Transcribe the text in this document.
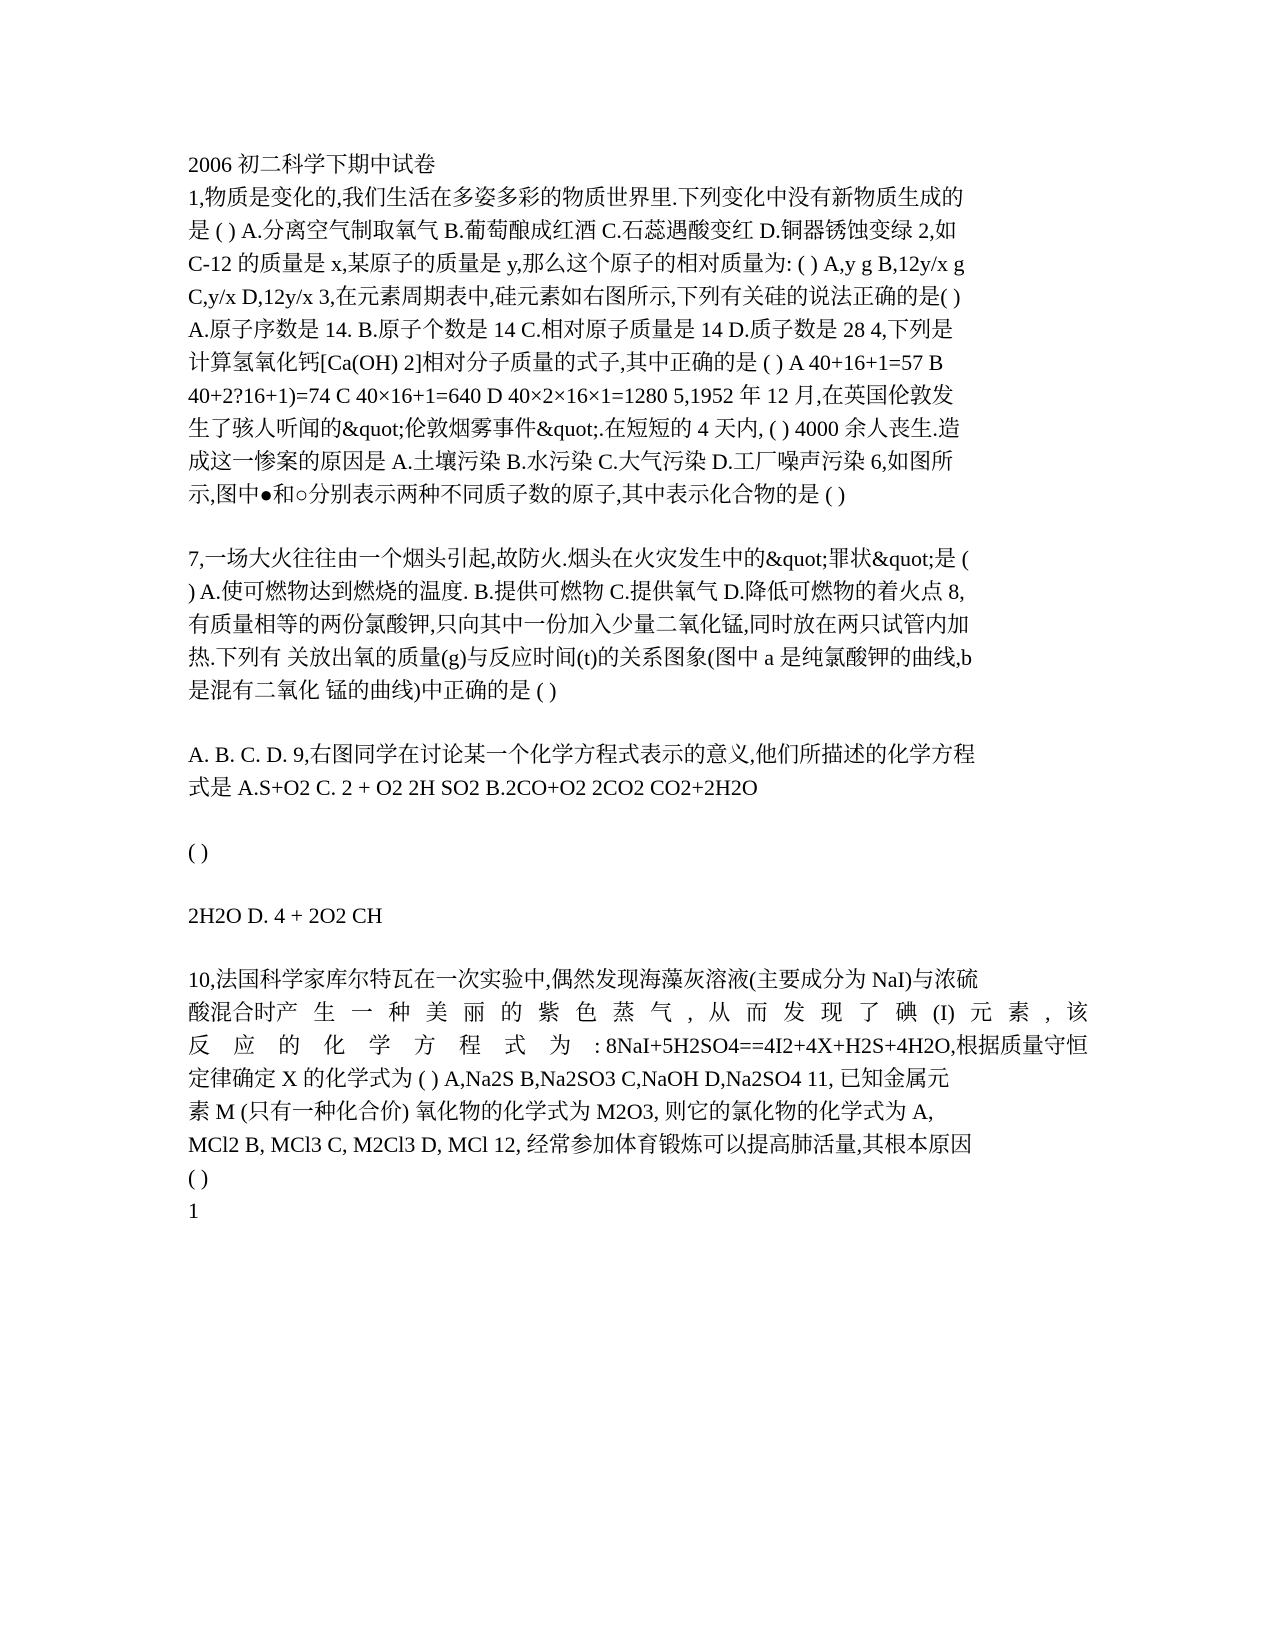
2006 初二科学下期中试卷
1,物质是变化的,我们生活在多姿多彩的物质世界里.下列变化中没有新物质生成的
是 ( ) A.分离空气制取氧气 B.葡萄酿成红酒 C.石蕊遇酸变红 D.铜器锈蚀变绿 2,如
C-12 的质量是 x,某原子的质量是 y,那么这个原子的相对质量为: ( ) A,y g B,12y/x g
C,y/x D,12y/x 3,在元素周期表中,硅元素如右图所示,下列有关硅的说法正确的是( )
A.原子序数是 14. B.原子个数是 14 C.相对原子质量是 14 D.质子数是 28 4,下列是
计算氢氧化钙[Ca(OH) 2]相对分子质量的式子,其中正确的是 ( ) A 40+16+1=57 B
40+2?16+1)=74 C 40×16+1=640 D 40×2×16×1=1280 5,1952 年 12 月,在英国伦敦发
生了骇人听闻的&quot;伦敦烟雾事件&quot;.在短短的 4 天内, ( ) 4000 余人丧生.造
成这一惨案的原因是 A.土壤污染 B.水污染 C.大气污染 D.工厂噪声污染 6,如图所
示,图中●和○分别表示两种不同质子数的原子,其中表示化合物的是 ( )
7,一场大火往往由一个烟头引起,故防火.烟头在火灾发生中的&quot;罪状&quot;是 (
) A.使可燃物达到燃烧的温度. B.提供可燃物 C.提供氧气 D.降低可燃物的着火点 8,
有质量相等的两份氯酸钾,只向其中一份加入少量二氧化锰,同时放在两只试管内加
热.下列有 关放出氧的质量(g)与反应时间(t)的关系图象(图中 a 是纯氯酸钾的曲线,b
是混有二氧化 锰的曲线)中正确的是 ( )
A. B. C. D. 9,右图同学在讨论某一个化学方程式表示的意义,他们所描述的化学方程
式是 A.S+O2 C. 2 + O2 2H SO2 B.2CO+O2 2CO2 CO2+2H2O
( )
2H2O D. 4 + 2O2 CH
10,法国科学家库尔特瓦在一次实验中,偶然发现海藻灰溶液(主要成分为 NaI)与浓硫
酸混合时产 生 一 种 美 丽 的 紫 色 蒸 气 , 从 而 发 现 了 碘 (I) 元 素 , 该
反 应 的 化 学 方 程 式 为 : 8NaI+5H2SO4==4I2+4X+H2S+4H2O,根据质量守恒
定律确定 X 的化学式为 ( ) A,Na2S B,Na2SO3 C,NaOH D,Na2SO4 11, 已知金属元
素 M (只有一种化合价) 氧化物的化学式为 M2O3, 则它的氯化物的化学式为 A,
MCl2 B, MCl3 C, M2Cl3 D, MCl 12, 经常参加体育锻炼可以提高肺活量,其根本原因
( )
1
